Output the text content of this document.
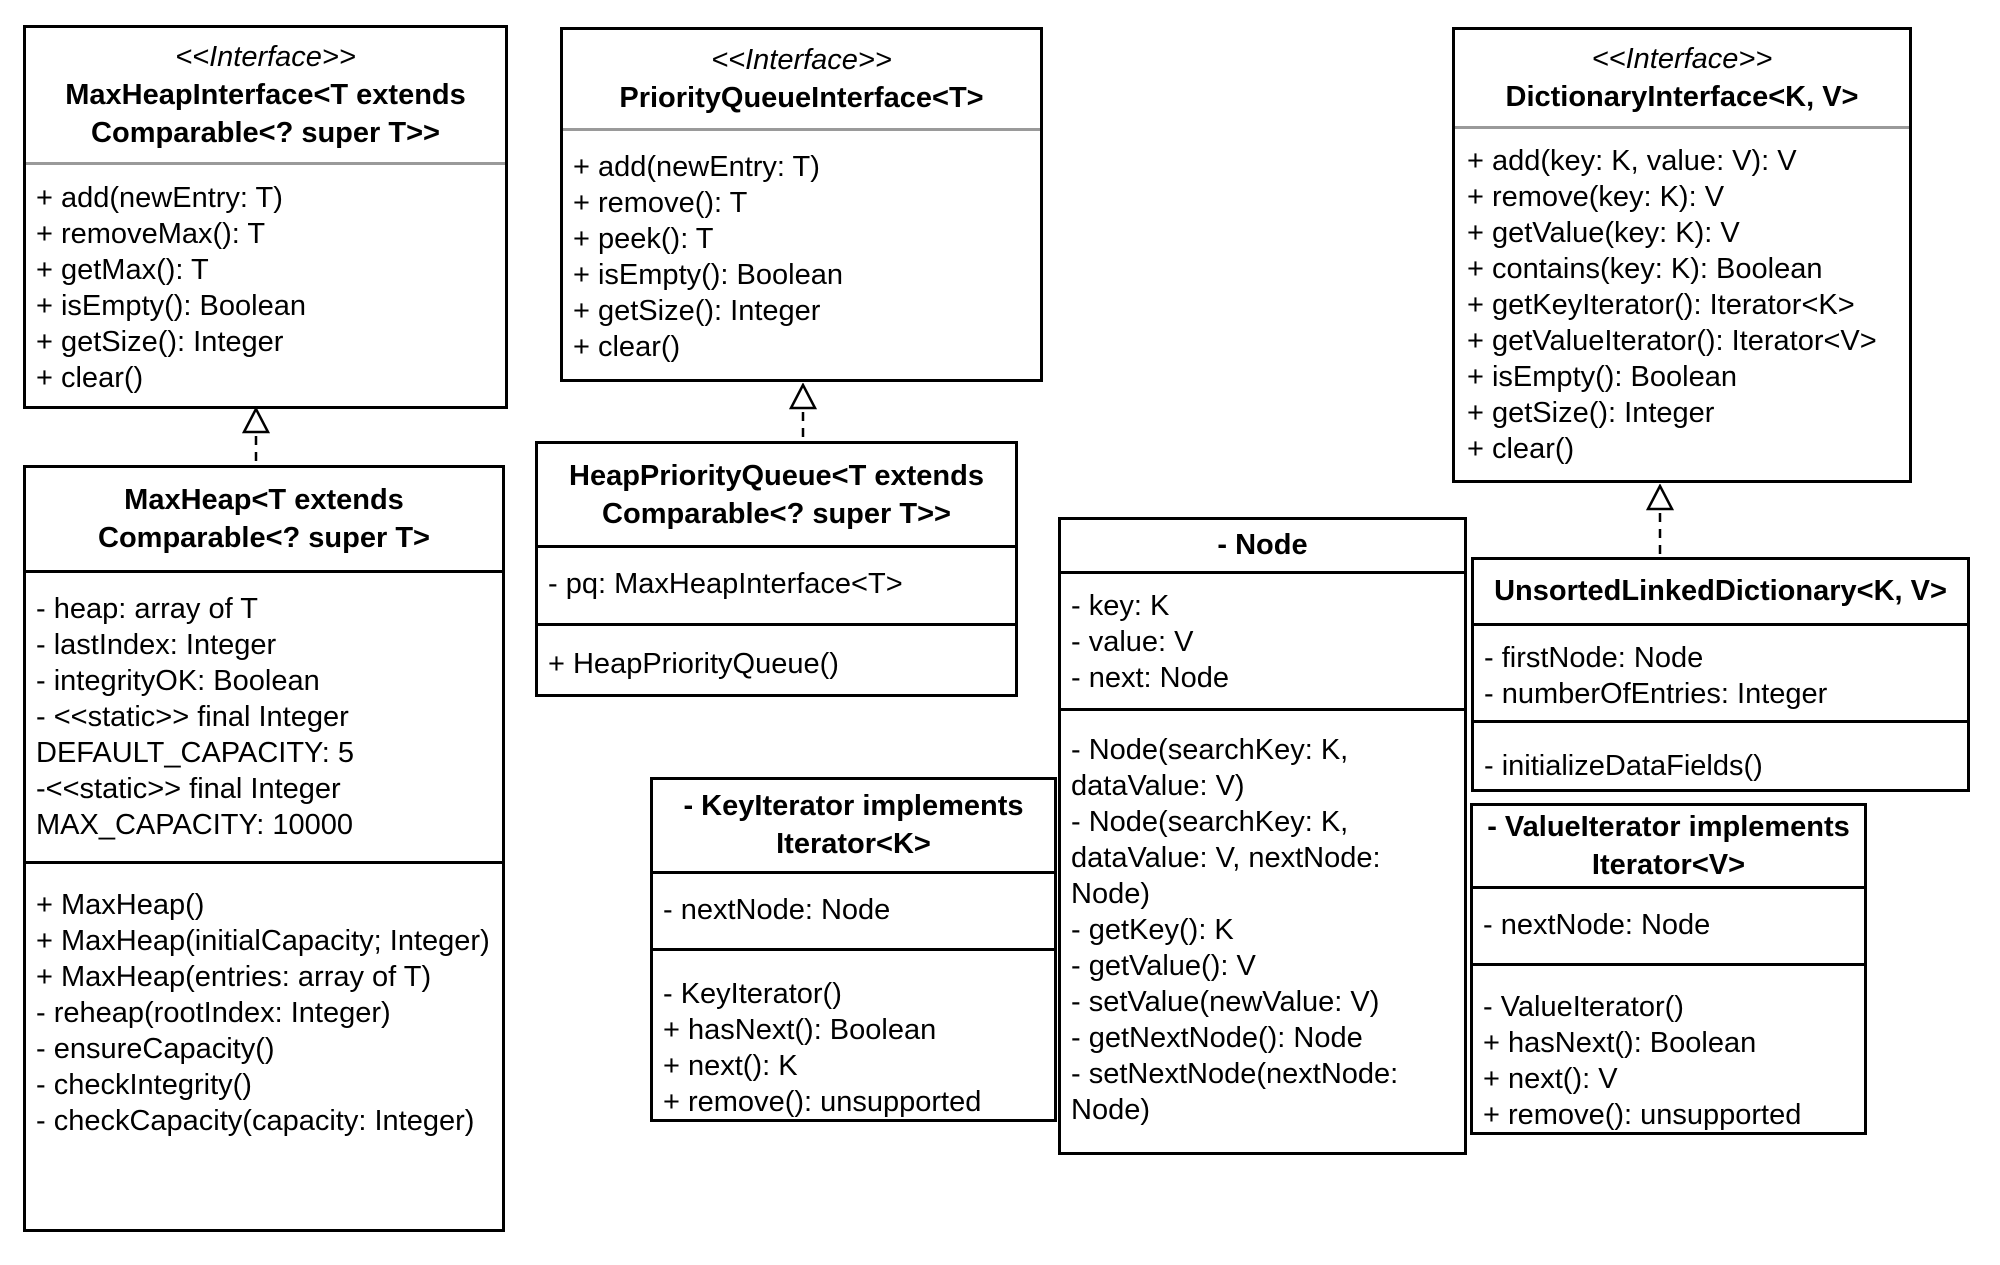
<<Interface>>
MaxHeapInterface<T extends Comparable<? super T>>
+ add(newEntry: T)
+ removeMax(): T
+ getMax(): T
+ isEmpty(): Boolean
+ getSize(): Integer
+ clear()
MaxHeap<T extends Comparable<? super T>
- heap: array of T
- lastIndex: Integer
- integrityOK: Boolean
- <<static>> final Integer DEFAULT_CAPACITY: 5
-<<static>> final Integer MAX_CAPACITY: 10000
+ MaxHeap()
+ MaxHeap(initialCapacity; Integer)
+ MaxHeap(entries: array of T)
- reheap(rootIndex: Integer)
- ensureCapacity()
- checkIntegrity()
- checkCapacity(capacity: Integer)
<<Interface>>
PriorityQueueInterface<T>
+ add(newEntry: T)
+ remove(): T
+ peek(): T
+ isEmpty(): Boolean
+ getSize(): Integer
+ clear()
HeapPriorityQueue<T extends Comparable<? super T>>
- pq: MaxHeapInterface<T>
+ HeapPriorityQueue()
<<Interface>>
DictionaryInterface<K, V>
+ add(key: K, value: V): V
+ remove(key: K): V
+ getValue(key: K): V
+ contains(key: K): Boolean
+ getKeyIterator(): Iterator<K>
+ getValueIterator(): Iterator<V>
+ isEmpty(): Boolean
+ getSize(): Integer
+ clear()
- Node
- key: K
- value: V
- next: Node
- Node(searchKey: K, dataValue: V)
- Node(searchKey: K, dataValue: V, nextNode: Node)
- getKey(): K
- getValue(): V
- setValue(newValue: V)
- getNextNode(): Node
- setNextNode(nextNode: Node)
UnsortedLinkedDictionary<K, V>
- firstNode: Node
- numberOfEntries: Integer
- initializeDataFields()
- KeyIterator implements
Iterator<K>
- nextNode: Node
- KeyIterator()
+ hasNext(): Boolean
+ next(): K
+ remove(): unsupported
- ValueIterator implements
Iterator<V>
- nextNode: Node
- ValueIterator()
+ hasNext(): Boolean
+ next(): V
+ remove(): unsupported
